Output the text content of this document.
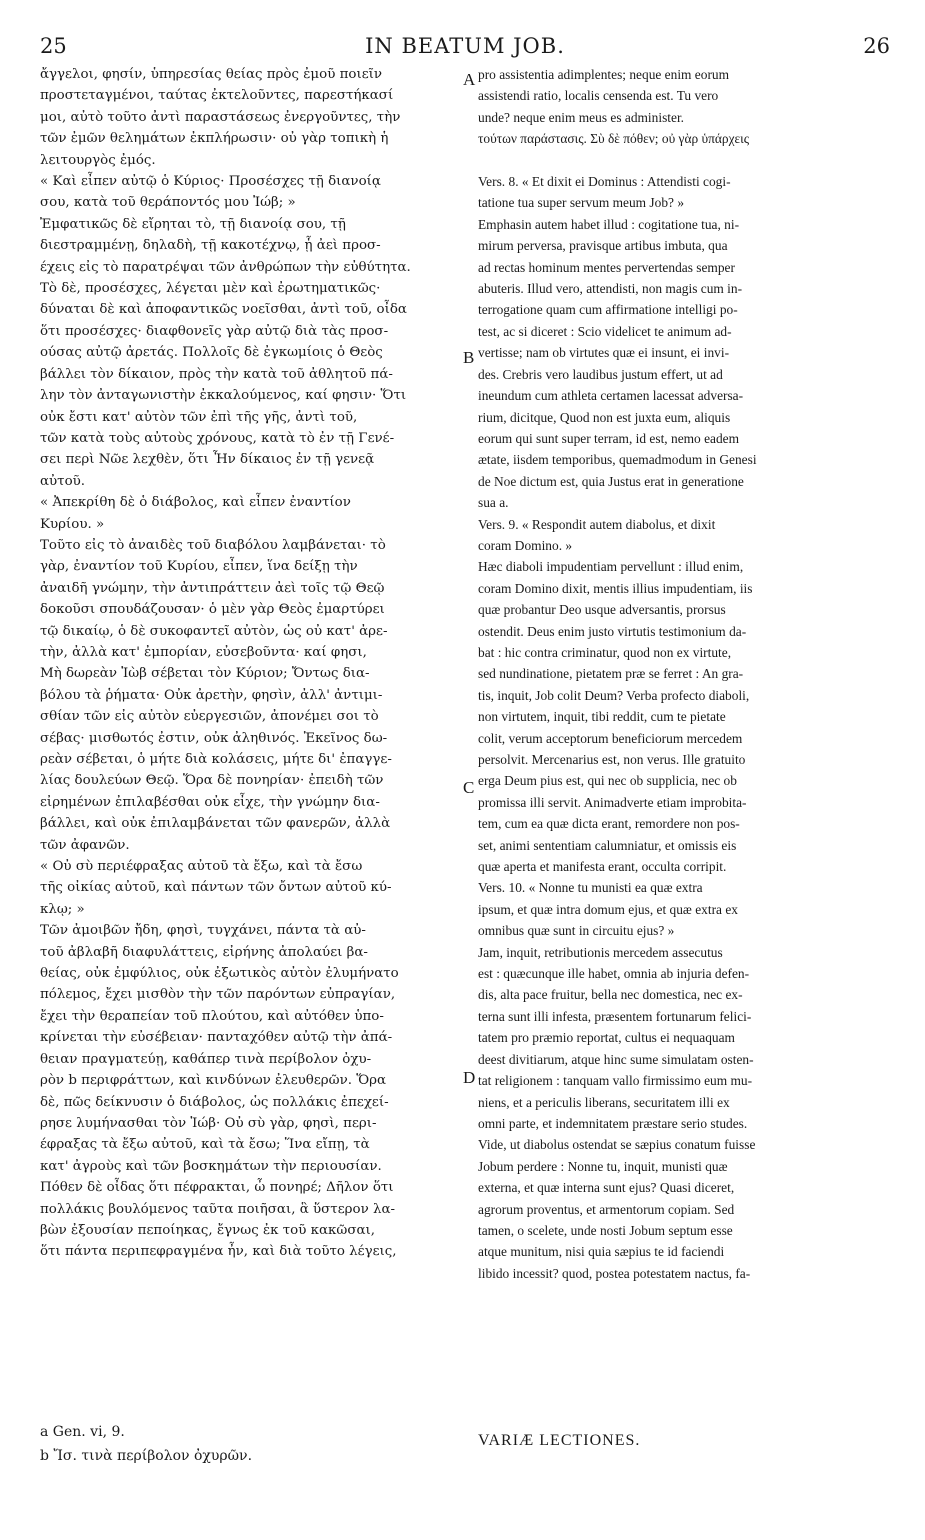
25	IN BEATUM JOB.	26
ἄγγελοι, φησίν, ὑπηρεσίας θείας πρὸς ἐμοῦ ποιεῖν
προστεταγμένοι, ταύτας ἐκτελοῦντες, παρεστήκασί
μοι, αὐτὸ τοῦτο ἀντὶ παραστάσεως ἐνεργοῦντες, τὴν
τῶν ἐμῶν θελημάτων ἐκπλήρωσιν· οὐ γὰρ τοπικὴ ἡ
λειτουργὸς ἐμός.
« Καὶ εἶπεν αὐτῷ ὁ Κύριος· Προσέσχες τῇ διανοίᾳ
σου, κατὰ τοῦ θεράποντός μου Ἰώβ; »
Ἐμφατικῶς δὲ εἴρηται τὸ, τῇ διανοίᾳ σου, τῇ
διεστραμμένῃ, δηλαδὴ, τῇ κακοτέχνῳ, ᾗ ἀεὶ προσ-
έχεις εἰς τὸ παρατρέψαι τῶν ἀνθρώπων τὴν εὐθύτητα.
Τὸ δὲ, προσέσχες, λέγεται μὲν καὶ ἐρωτηματικῶς·
δύναται δὲ καὶ ἀποφαντικῶς νοεῖσθαι, ἀντὶ τοῦ, οἶδα
ὅτι προσέσχες· διαφθονεῖς γὰρ αὐτῷ διὰ τὰς προσ-
ούσας αὐτῷ ἀρετάς. Πολλοῖς δὲ ἐγκωμίοις ὁ Θεὸς
βάλλει τὸν δίκαιον, πρὸς τὴν κατὰ τοῦ ἀθλητοῦ πά-
λην τὸν ἀνταγωνιστὴν ἐκκαλούμενος, καί φησιν· Ὅτι
οὐκ ἔστι κατ' αὐτὸν τῶν ἐπὶ τῆς γῆς, ἀντὶ τοῦ,
τῶν κατὰ τοὺς αὐτοὺς χρόνους, κατὰ τὸ ἐν τῇ Γενέ-
σει περὶ Νῶε λεχθὲν, ὅτι Ἦν δίκαιος ἐν τῇ γενεᾷ
αὐτοῦ.
« Ἀπεκρίθη δὲ ὁ διάβολος, καὶ εἶπεν ἐναντίον
Κυρίου. »
Τοῦτο εἰς τὸ ἀναιδὲς τοῦ διαβόλου λαμβάνεται· τὸ
γὰρ, ἐναντίον τοῦ Κυρίου, εἶπεν, ἵνα δείξῃ τὴν
ἀναιδῆ γνώμην, τὴν ἀντιπράττειν ἀεὶ τοῖς τῷ Θεῷ
δοκοῦσι σπουδάζουσαν· ὁ μὲν γὰρ Θεὸς ἐμαρτύρει
τῷ δικαίῳ, ὁ δὲ συκοφαντεῖ αὐτὸν, ὡς οὐ κατ' ἀρε-
τὴν, ἀλλὰ κατ' ἐμπορίαν, εὐσεβοῦντα· καί φησι,
Μὴ δωρεὰν Ἰὼβ σέβεται τὸν Κύριον; Ὄντως δια-
βόλου τὰ ῥήματα· Οὐκ ἀρετὴν, φησὶν, ἀλλ' ἀντιμι-
σθίαν τῶν εἰς αὐτὸν εὐεργεσιῶν, ἀπονέμει σοι τὸ
σέβας· μισθωτός ἐστιν, οὐκ ἀληθινός. Ἐκεῖνος δω-
ρεὰν σέβεται, ὁ μήτε διὰ κολάσεις, μήτε δι' ἐπαγγε-
λίας δουλεύων Θεῷ. Ὅρα δὲ πονηρίαν· ἐπειδὴ τῶν
εἰρημένων ἐπιλαβέσθαι οὐκ εἶχε, τὴν γνώμην δια-
βάλλει, καὶ οὐκ ἐπιλαμβάνεται τῶν φανερῶν, ἀλλὰ
τῶν ἀφανῶν.
« Οὐ σὺ περιέφραξας αὐτοῦ τὰ ἔξω, καὶ τὰ ἔσω
τῆς οἰκίας αὐτοῦ, καὶ πάντων τῶν ὄντων αὐτοῦ κύ-
κλῳ; »
Τῶν ἀμοιβῶν ἤδη, φησὶ, τυγχάνει, πάντα τὰ αὐ-
τοῦ ἀβλαβῆ διαφυλάττεις, εἰρήνης ἀπολαύει βα-
θείας, οὐκ ἐμφύλιος, οὐκ ἐξωτικὸς αὐτὸν ἐλυμήνατο
πόλεμος, ἔχει μισθὸν τὴν τῶν παρόντων εὐπραγίαν,
ἔχει τὴν θεραπείαν τοῦ πλούτου, καὶ αὐτόθεν ὑπο-
κρίνεται τὴν εὐσέβειαν· πανταχόθεν αὐτῷ τὴν ἀπά-
θειαν πραγματεύῃ, καθάπερ τινὰ περίβολον ὀχυ-
ρὸν b περιφράττων, καὶ κινδύνων ἐλευθερῶν. Ὅρα
δὲ, πῶς δείκνυσιν ὁ διάβολος, ὡς πολλάκις ἐπεχεί-
ρησε λυμήνασθαι τὸν Ἰώβ· Οὐ σὺ γὰρ, φησὶ, περι-
έφραξας τὰ ἔξω αὐτοῦ, καὶ τὰ ἔσω; Ἵνα εἴπῃ, τὰ
κατ' ἀγροὺς καὶ τῶν βοσκημάτων τὴν περιουσίαν.
Πόθεν δὲ οἶδας ὅτι πέφρακται, ὦ πονηρέ; Δῆλον ὅτι
πολλάκις βουλόμενος ταῦτα ποιῆσαι, ἃ ὕστερον λα-
βὼν ἐξουσίαν πεποίηκας, ἔγνως ἐκ τοῦ κακῶσαι,
ὅτι πάντα περιπεφραγμένα ἦν, καὶ διὰ τοῦτο λέγεις,
pro assistentia adimplentes; neque enim eorum
assistendi ratio, localis censenda est. Tu vero
unde? neque enim meus es administer.
τούτων παράστασις. Σὺ δὲ πόθεν; οὐ γὰρ ὑπάρχεις

Vers. 8. « Et dixit ei Dominus : Attendisti cogi-
tatione tua super servum meum Job? »
Emphasin autem habet illud : cogitatione tua, ni-
mirum perversa, pravisque artibus imbuta, qua
ad rectas hominum mentes pervertendas semper
abuteris. Illud vero, attendisti, non magis cum in-
terrogatione quam cum affirmatione intelligi po-
test, ac si diceret : Scio videlicet te animum ad-
vertisse; nam ob virtutes quæ ei insunt, ei invi-
des. Crebris vero laudibus justum effert, ut ad
ineundum cum athleta certamen lacessat adversa-
rium, dicitque, Quod non est juxta eum, aliquis
eorum qui sunt super terram, id est, nemo eadem
ætate, iisdem temporibus, quemadmodum in Genesi
de Noe dictum est, quia Justus erat in generatione
sua a.
Vers. 9. « Respondit autem diabolus, et dixit
coram Domino. »
Hæc diaboli impudentiam pervellunt : illud enim,
coram Domino dixit, mentis illius impudentiam, iis
quæ probantur Deo usque adversantis, prorsus
ostendit. Deus enim justo virtutis testimonium da-
bat : hic contra criminatur, quod non ex virtute,
sed nundinatione, pietatem præ se ferret : An gra-
tis, inquit, Job colit Deum? Verba profecto diaboli,
non virtutem, inquit, tibi reddit, cum te pietate
colit, verum acceptorum beneficiorum mercedem
persolvit. Mercenarius est, non verus. Ille gratuito
erga Deum pius est, qui nec ob supplicia, nec ob
promissa illi servit. Animadverte etiam improbita-
tem, cum ea quæ dicta erant, remordere non pos-
set, animi sententiam calumniatur, et omissis eis
quæ aperta et manifesta erant, occulta corripit.
Vers. 10. « Nonne tu munisti ea quæ extra
ipsum, et quæ intra domum ejus, et quæ extra ex
omnibus quæ sunt in circuitu ejus? »
Jam, inquit, retributionis mercedem assecutus
est : quæcunque ille habet, omnia ab injuria defen-
dis, alta pace fruitur, bella nec domestica, nec ex-
terna sunt illi infesta, præsentem fortunarum felici-
tatem pro præmio reportat, cultus ei nequaquam
deest divitiarum, atque hinc sume simulatam osten-
tat religionem : tanquam vallo firmissimo eum mu-
niens, et a periculis liberans, securitatem illi ex
omni parte, et indemnitatem præstare serio studes.
Vide, ut diabolus ostendat se sæpius conatum fuisse
Jobum perdere : Nonne tu, inquit, munisti quæ
externa, et quæ interna sunt ejus? Quasi diceret,
agrorum proventus, et armentorum copiam. Sed
tamen, o scelete, unde nosti Jobum septum esse
atque munitum, nisi quia sæpius te id faciendi
libido incessit? quod, postea potestatem nactus, fa-
A
B
C
D
a Gen. vi, 9.
b Ἴσ. τινὰ περίβολον ὀχυρῶν.
VARIÆ LECTIONES.
